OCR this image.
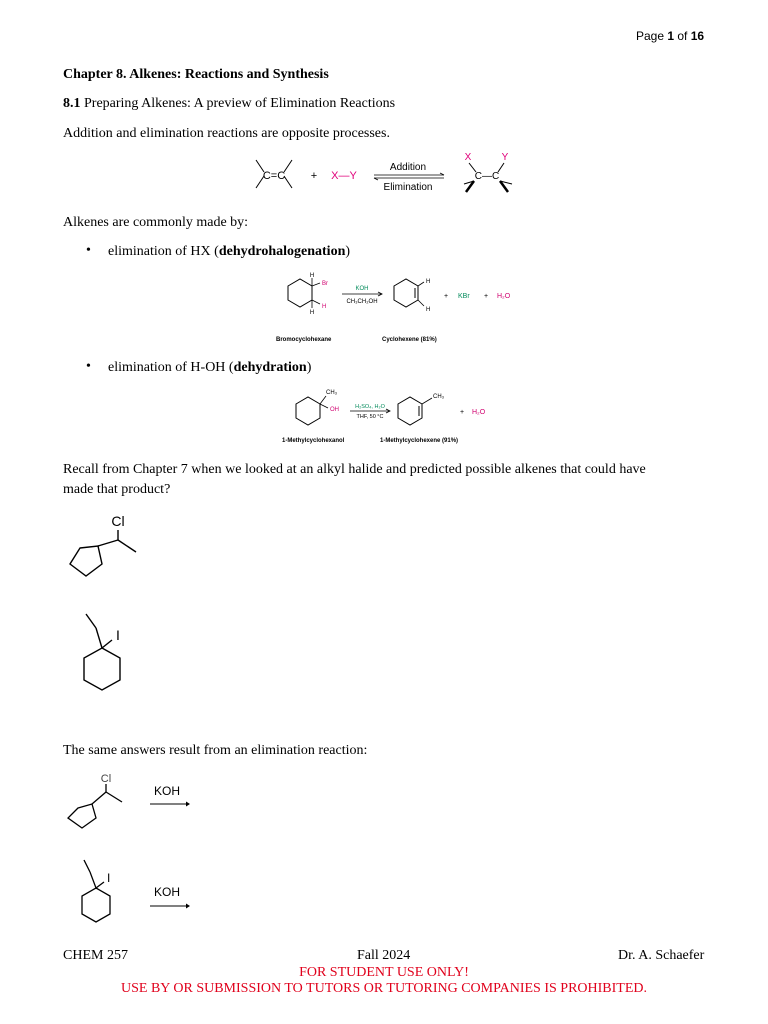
Page 1 of 16
Chapter 8. Alkenes: Reactions and Synthesis
8.1 Preparing Alkenes: A preview of Elimination Reactions
Addition and elimination reactions are opposite processes.
C=C + X—Y
Addition
Elimination
X	Y
C—C
Alkenes are commonly made by:
• elimination of HX (dehydrohalogenation)
H
Br
H
H
KOH
CH₃CH₂OH
H
H
+ KBr + H₂O
Bromocyclohexane	Cyclohexene (81%)
• elimination of H-OH (dehydration)
CH₃
OH	H₂SO₄, H₂O
THF, 50 °C
CH₃
+ H₂O
1-Methylcyclohexanol	1-Methylcyclohexene (91%)
Recall from Chapter 7 when we looked at an alkyl halide and predicted possible alkenes that could have
made that product?
Cl
I
The same answers result from an elimination reaction:
Cl
KOH
I
KOH
CHEM 257	Fall 2024	Dr. A. Schaefer
FOR STUDENT USE ONLY!
USE BY OR SUBMISSION TO TUTORS OR TUTORING COMPANIES IS PROHIBITED.
